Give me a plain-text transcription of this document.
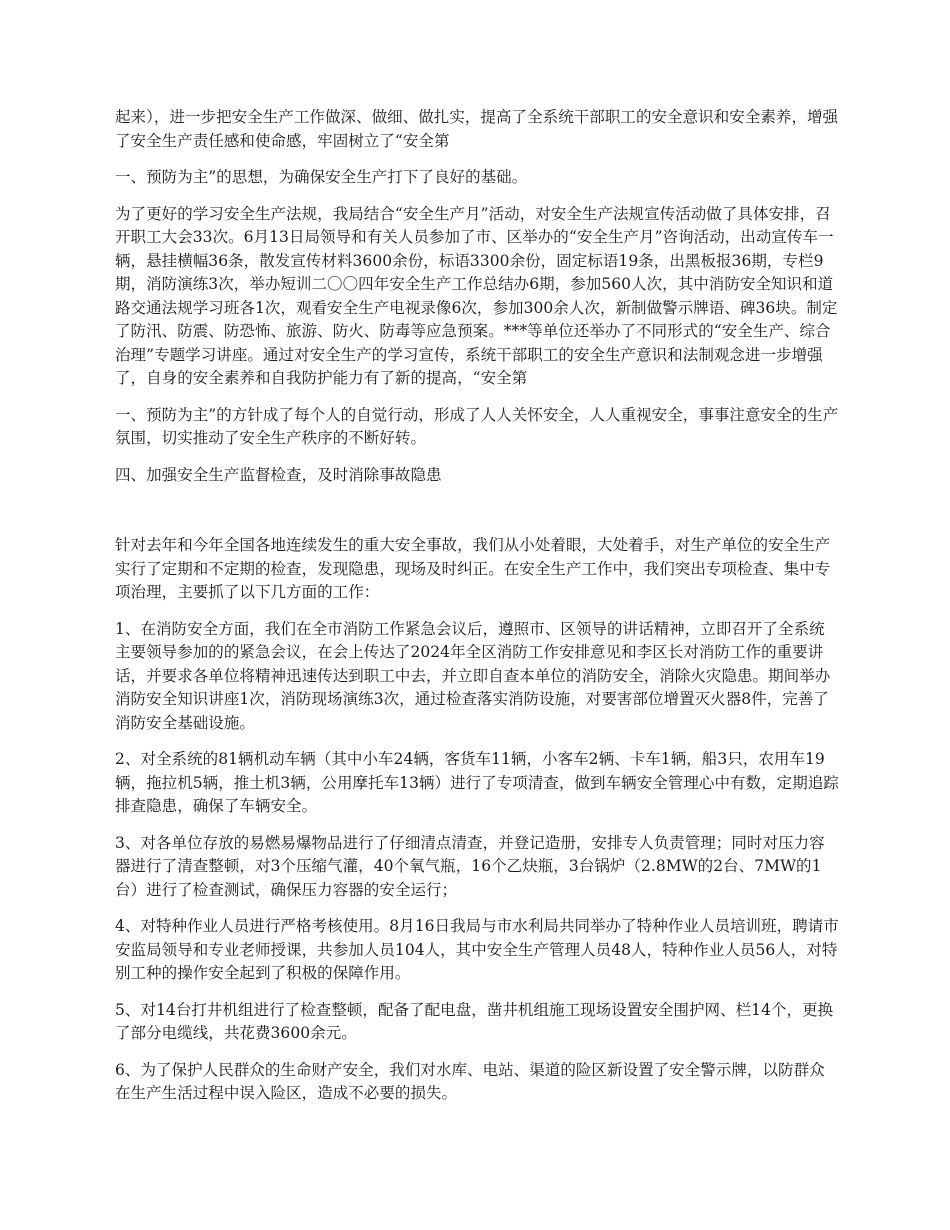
起来），进一步把安全生产工作做深、做细、做扎实，提高了全系统干部职工的安全意识和安全素养，增强了安全生产责任感和使命感，牢固树立了“安全第

一、预防为主”的思想，为确保安全生产打下了良好的基础。

为了更好的学习安全生产法规，我局结合“安全生产月”活动，对安全生产法规宣传活动做了具体安排，召开职工大会33次。6月13日局领导和有关人员参加了市、区举办的“安全生产月”咨询活动，出动宣传车一辆，悬挂横幅36条，散发宣传材料3600余份，标语3300余份，固定标语19条，出黑板报36期，专栏9期，消防演练3次，举办短训二〇〇四年安全生产工作总结办6期，参加560人次，其中消防安全知识和道路交通法规学习班各1次，观看安全生产电视录像6次，参加300余人次，新制做警示牌语、碑36块。制定了防汛、防震、防恐怖、旅游、防火、防毒等应急预案。***等单位还举办了不同形式的“安全生产、综合治理”专题学习讲座。通过对安全生产的学习宣传，系统干部职工的安全生产意识和法制观念进一步增强了，自身的安全素养和自我防护能力有了新的提高，“安全第

一、预防为主”的方针成了每个人的自觉行动，形成了人人关怀安全，人人重视安全，事事注意安全的生产氛围，切实推动了安全生产秩序的不断好转。

四、加强安全生产监督检查，及时消除事故隐患

针对去年和今年全国各地连续发生的重大安全事故，我们从小处着眼，大处着手，对生产单位的安全生产实行了定期和不定期的检查，发现隐患，现场及时纠正。在安全生产工作中，我们突出专项检查、集中专项治理，主要抓了以下几方面的工作：

1、在消防安全方面，我们在全市消防工作紧急会议后，遵照市、区领导的讲话精神，立即召开了全系统主要领导参加的的紧急会议，在会上传达了2024年全区消防工作安排意见和李区长对消防工作的重要讲话，并要求各单位将精神迅速传达到职工中去，并立即自查本单位的消防安全，消除火灾隐患。期间举办消防安全知识讲座1次，消防现场演练3次，通过检查落实消防设施，对要害部位增置灭火器8件，完善了消防安全基础设施。

2、对全系统的81辆机动车辆（其中小车24辆，客货车11辆，小客车2辆、卡车1辆，船3只，农用车19辆，拖拉机5辆，推土机3辆，公用摩托车13辆）进行了专项清查，做到车辆安全管理心中有数，定期追踪排查隐患，确保了车辆安全。

3、对各单位存放的易燃易爆物品进行了仔细清点清查，并登记造册，安排专人负责管理；同时对压力容器进行了清查整顿，对3个压缩气灌，40个氧气瓶，16个乙炔瓶，3台锅炉（2.8MW的2台、7MW的1台）进行了检查测试，确保压力容器的安全运行；

4、对特种作业人员进行严格考核使用。8月16日我局与市水利局共同举办了特种作业人员培训班，聘请市安监局领导和专业老师授课，共参加人员104人，其中安全生产管理人员48人，特种作业人员56人，对特别工种的操作安全起到了积极的保障作用。

5、对14台打井机组进行了检查整顿，配备了配电盘，凿井机组施工现场设置安全围护网、栏14个，更换了部分电缆线，共花费3600余元。

6、为了保护人民群众的生命财产安全，我们对水库、电站、渠道的险区新设置了安全警示牌，以防群众在生产生活过程中误入险区，造成不必要的损失。
